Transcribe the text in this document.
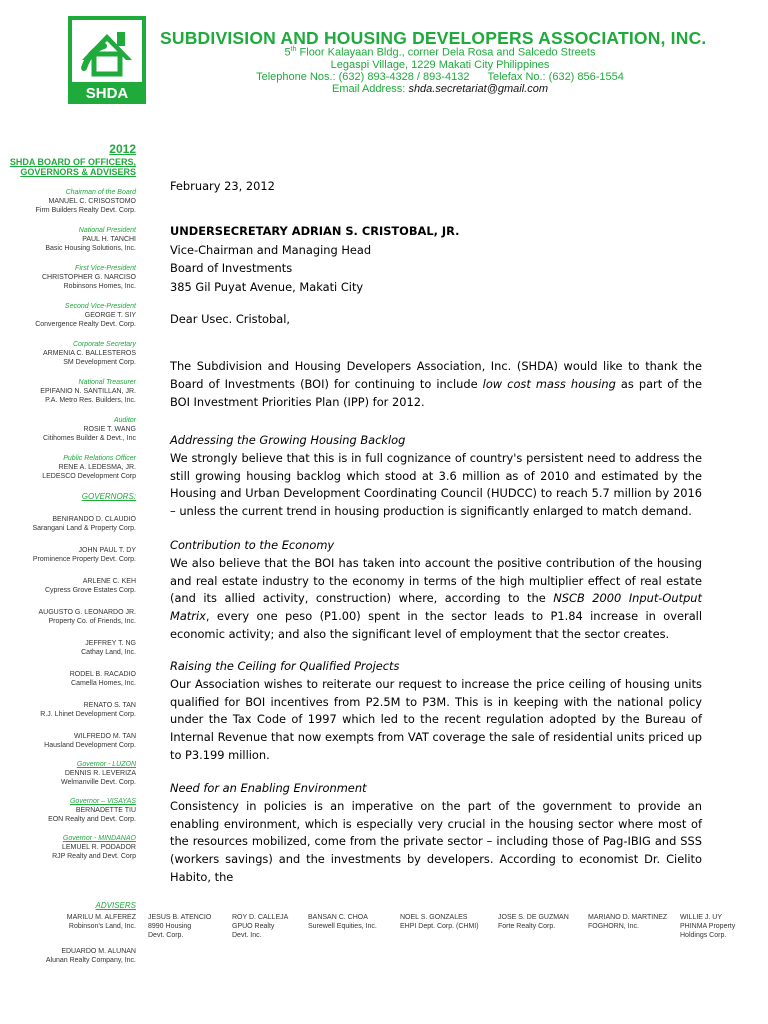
SHDA
SUBDIVISION AND HOUSING DEVELOPERS ASSOCIATION, INC.
5th Floor Kalayaan Bldg., corner Dela Rosa and Salcedo Streets
Legaspi Village, 1229 Makati City Philippines
Telephone Nos.: (632) 893-4328 / 893-4132 Telefax No.: (632) 856-1554
Email Address: shda.secretariat@gmail.com
2012
SHDA BOARD OF OFFICERS,
GOVERNORS & ADVISERS
Chairman of the Board
MANUEL C. CRISOSTOMO
Firm Builders Realty Devt. Corp.
National President
PAUL H. TANCHI
Basic Housing Solutions, Inc.
First Vice-President
CHRISTOPHER G. NARCISO
Robinsons Homes, Inc.
Second Vice-President
GEORGE T. SIY
Convergence Realty Devt. Corp.
Corporate Secretary
ARMENIA C. BALLESTEROS
SM Development Corp.
National Treasurer
EPIFANIO N. SANTILLAN, JR.
P.A. Metro Res. Builders, Inc.
Auditor
ROSIE T. WANG
Citihomes Builder & Devt., Inc
Public Relations Officer
RENE A. LEDESMA, JR.
LEDESCO Development Corp
GOVERNORS:
BENIRANDO D. CLAUDIO
Sarangani Land & Property Corp.
JOHN PAUL T. DY
Prominence Property Devt. Corp.
ARLENE C. KEH
Cypress Grove Estates Corp.
AUGUSTO G. LEONARDO JR.
Property Co. of Friends, Inc.
JEFFREY T. NG
Cathay Land, Inc.
RODEL B. RACADIO
Camella Homes, Inc.
RENATO S. TAN
R.J. Lhinet Development Corp.
WILFREDO M. TAN
Hausland Development Corp.
Governor - LUZON
DENNIS R. LEVERIZA
Welmanville Devt. Corp.
Governor – VISAYAS
BERNADETTE TIU
EON Realty and Devt. Corp.
Governor - MINDANAO
LEMUEL R. PODADOR
RJP Realty and Devt. Corp
February 23, 2012
UNDERSECRETARY ADRIAN S. CRISTOBAL, JR.
Vice-Chairman and Managing Head
Board of Investments
385 Gil Puyat Avenue, Makati City
Dear Usec. Cristobal,

The Subdivision and Housing Developers Association, Inc. (SHDA) would like to thank the Board of Investments (BOI) for continuing to include low cost mass housing as part of the BOI Investment Priorities Plan (IPP) for 2012.

Addressing the Growing Housing Backlog

We strongly believe that this is in full cognizance of country's persistent need to address the still growing housing backlog which stood at 3.6 million as of 2010 and estimated by the Housing and Urban Development Coordinating Council (HUDCC) to reach 5.7 million by 2016 – unless the current trend in housing production is significantly enlarged to match demand.

Contribution to the Economy

We also believe that the BOI has taken into account the positive contribution of the housing and real estate industry to the economy in terms of the high multiplier effect of real estate (and its allied activity, construction) where, according to the NSCB 2000 Input-Output Matrix, every one peso (P1.00) spent in the sector leads to P1.84 increase in overall economic activity; and also the significant level of employment that the sector creates.

Raising the Ceiling for Qualified Projects

Our Association wishes to reiterate our request to increase the price ceiling of housing units qualified for BOI incentives from P2.5M to P3M. This is in keeping with the national policy under the Tax Code of 1997 which led to the recent regulation adopted by the Bureau of Internal Revenue that now exempts from VAT coverage the sale of residential units priced up to P3.199 million.

Need for an Enabling Environment

Consistency in policies is an imperative on the part of the government to provide an enabling environment, which is especially very crucial in the housing sector where most of the resources mobilized, come from the private sector – including those of Pag-IBIG and SSS (workers savings) and the investments by developers. According to economist Dr. Cielito Habito, the

ADVISERS
MARILU M. ALFEREZ
Robinson's Land, Inc.
EDUARDO M. ALUNAN
Alunan Realty Company, Inc.
JESUS B. ATENCIO
8990 Housing
Devt. Corp.
ROY D. CALLEJA
GPUO Realty
Devt. Inc.
BANSAN C. CHOA
Surewell Equities, Inc.
NOEL S. GONZALES
EHPI Dept. Corp. (CHMI)
JOSE S. DE GUZMAN
Forte Realty Corp.
MARIANO D. MARTINEZ
FOGHORN, Inc.
WILLIE J. UY
PHINMA Property
Holdings Corp.
